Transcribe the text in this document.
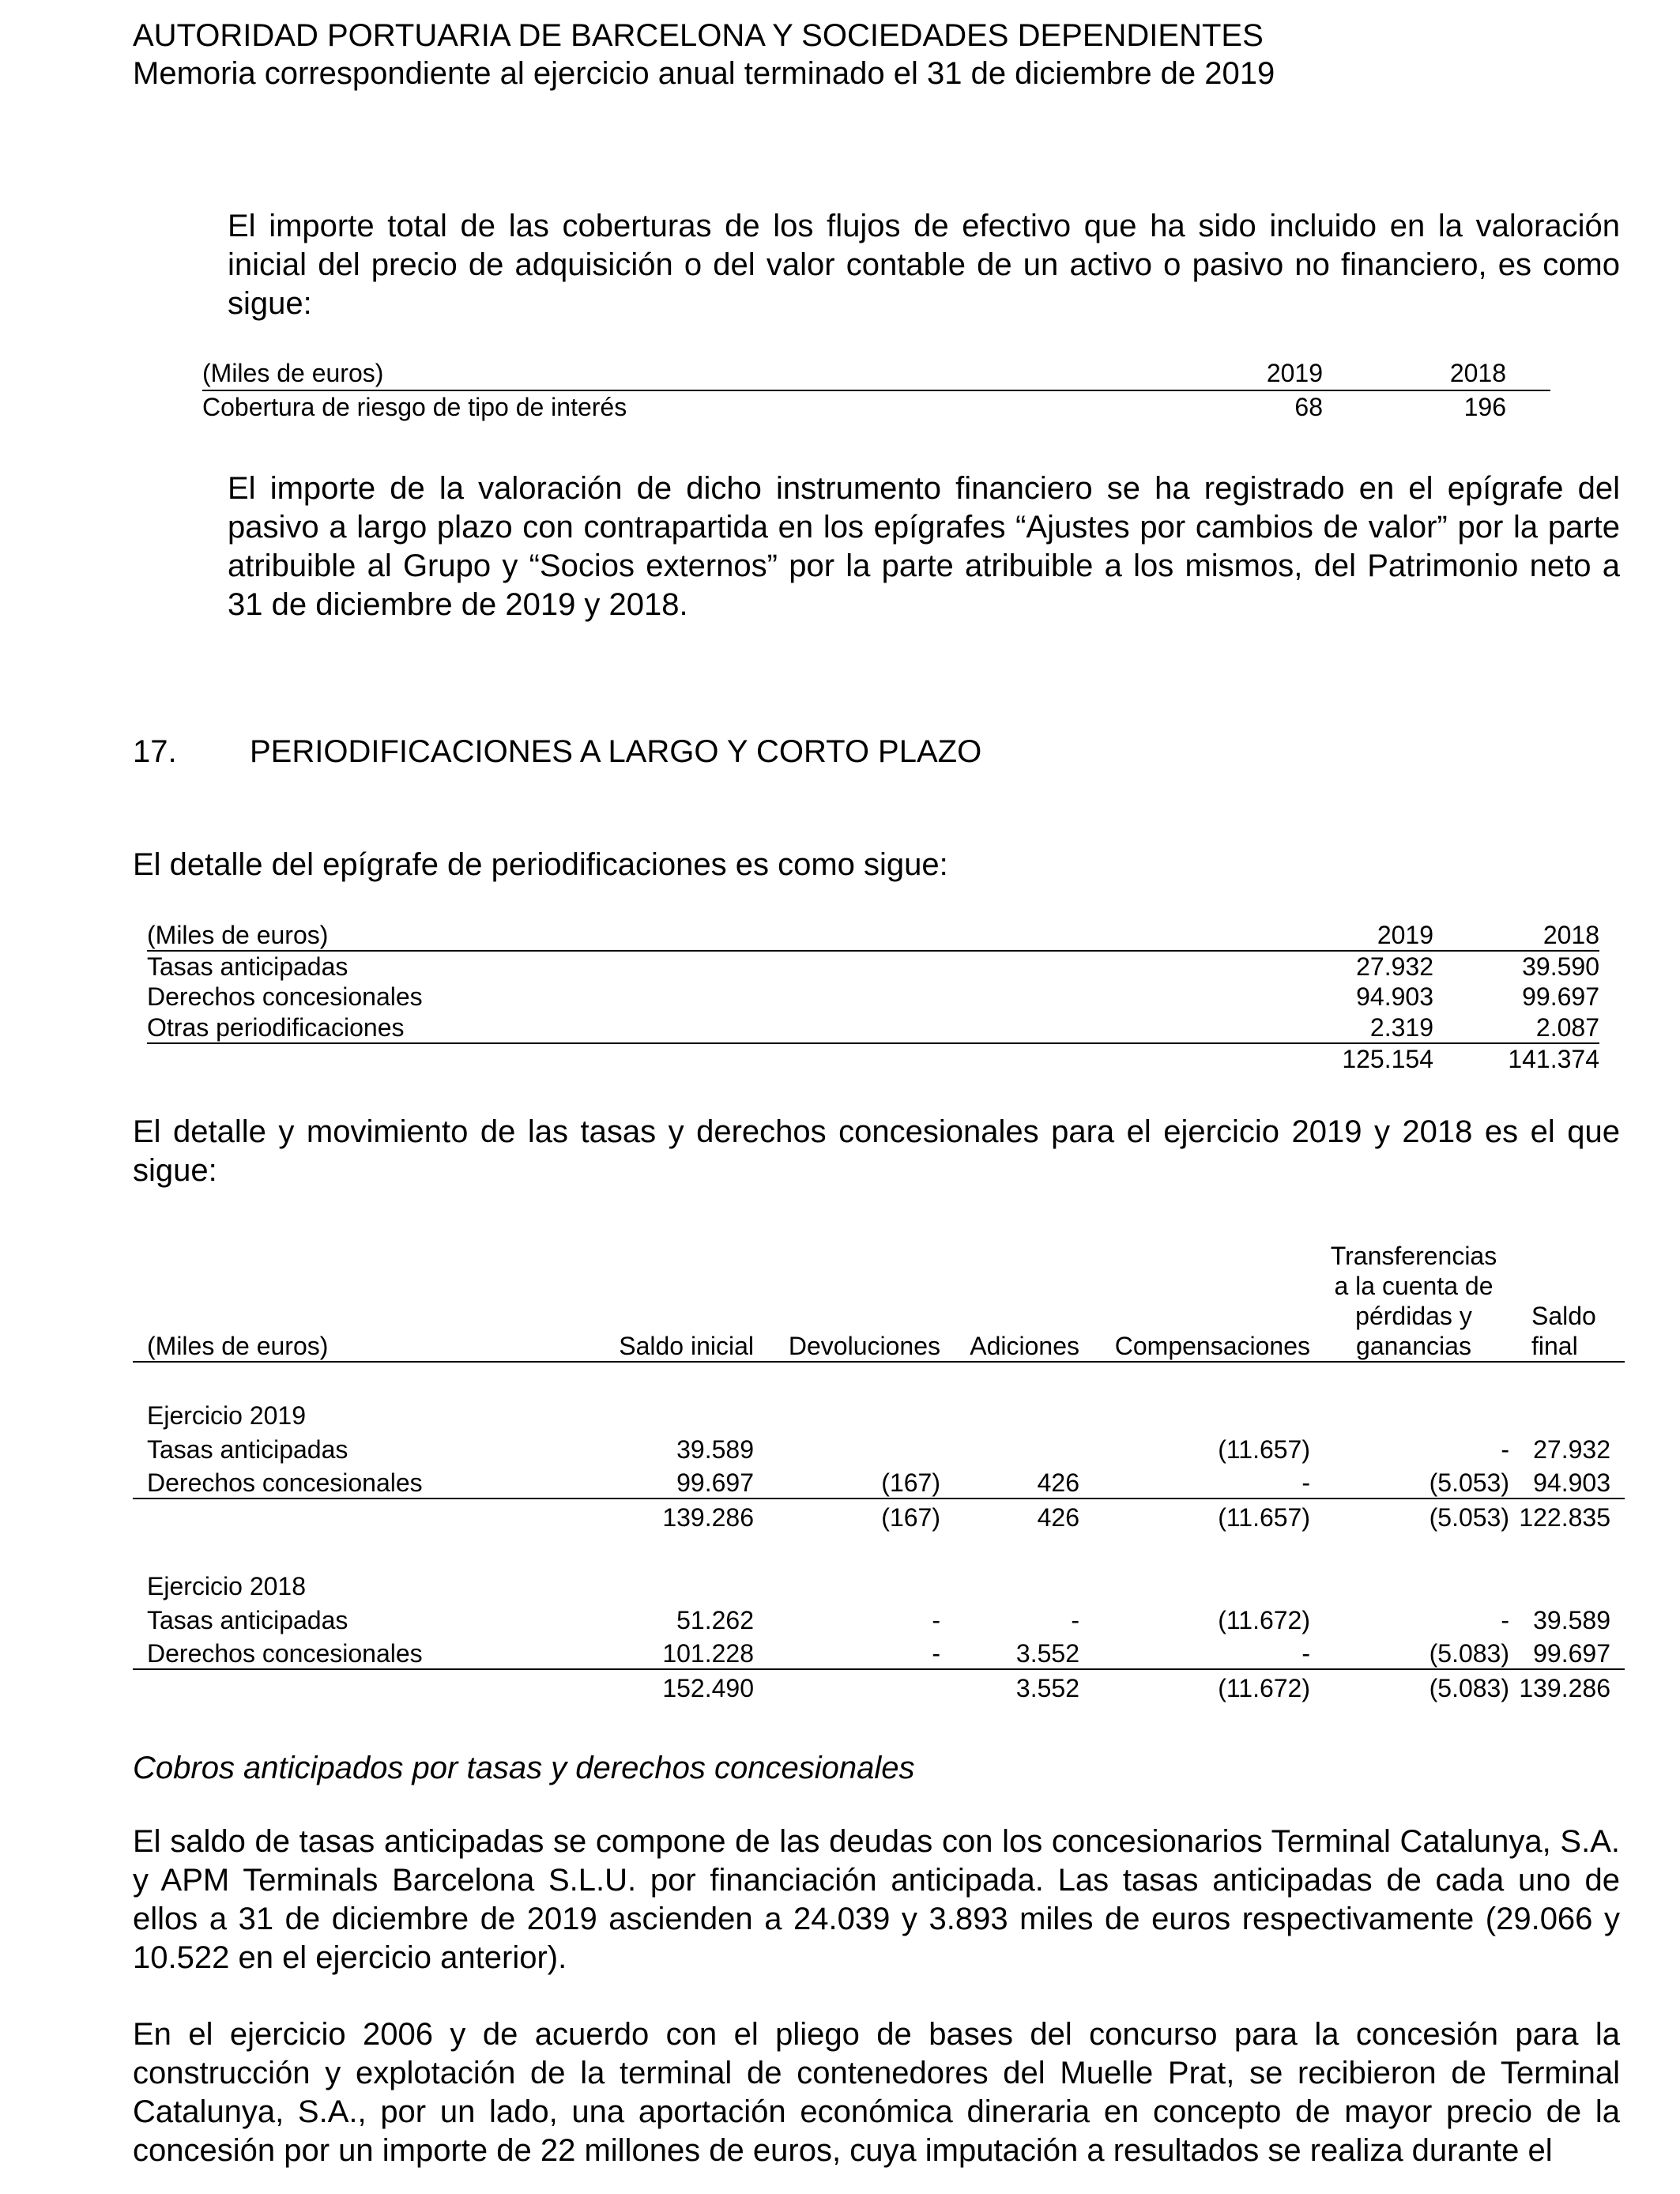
AUTORIDAD PORTUARIA DE BARCELONA Y SOCIEDADES DEPENDIENTES
Memoria correspondiente al ejercicio anual terminado el 31 de diciembre de 2019

El importe total de las coberturas de los flujos de efectivo que ha sido incluido en la valoración inicial del precio de adquisición o del valor contable de un activo o pasivo no financiero, es como sigue:

(Miles de euros)	2019	2018
Cobertura de riesgo de tipo de interés	68	196

El importe de la valoración de dicho instrumento financiero se ha registrado en el epígrafe del pasivo a largo plazo con contrapartida en los epígrafes “Ajustes por cambios de valor” por la parte atribuible al Grupo y “Socios externos” por la parte atribuible a los mismos, del Patrimonio neto a 31 de diciembre de 2019 y 2018.

17. PERIODIFICACIONES A LARGO Y CORTO PLAZO

El detalle del epígrafe de periodificaciones es como sigue:

(Miles de euros)	2019	2018
Tasas anticipadas	27.932	39.590
Derechos concesionales	94.903	99.697
Otras periodificaciones	2.319	2.087
	125.154	141.374

El detalle y movimiento de las tasas y derechos concesionales para el ejercicio 2019 y 2018 es el que sigue:

(Miles de euros)	Saldo inicial	Devoluciones	Adiciones	Compensaciones	Transferencias a la cuenta de pérdidas y ganancias	Saldo final

Ejercicio 2019						
Tasas anticipadas	39.589			(11.657)	-	27.932
Derechos concesionales	99.697	(167)	426	-	(5.053)	94.903
	139.286	(167)	426	(11.657)	(5.053)	122.835

Ejercicio 2018						
Tasas anticipadas	51.262	-	-	(11.672)	-	39.589
Derechos concesionales	101.228	-	3.552	-	(5.083)	99.697
	152.490		3.552	(11.672)	(5.083)	139.286
Cobros anticipados por tasas y derechos concesionales

El saldo de tasas anticipadas se compone de las deudas con los concesionarios Terminal Catalunya, S.A. y APM Terminals Barcelona S.L.U. por financiación anticipada. Las tasas anticipadas de cada uno de ellos a 31 de diciembre de 2019 ascienden a 24.039 y 3.893 miles de euros respectivamente (29.066 y 10.522 en el ejercicio anterior).

En el ejercicio 2006 y de acuerdo con el pliego de bases del concurso para la concesión para la construcción y explotación de la terminal de contenedores del Muelle Prat, se recibieron de Terminal Catalunya, S.A., por un lado, una aportación económica dineraria en concepto de mayor precio de la concesión por un importe de 22 millones de euros, cuya imputación a resultados se realiza durante el
